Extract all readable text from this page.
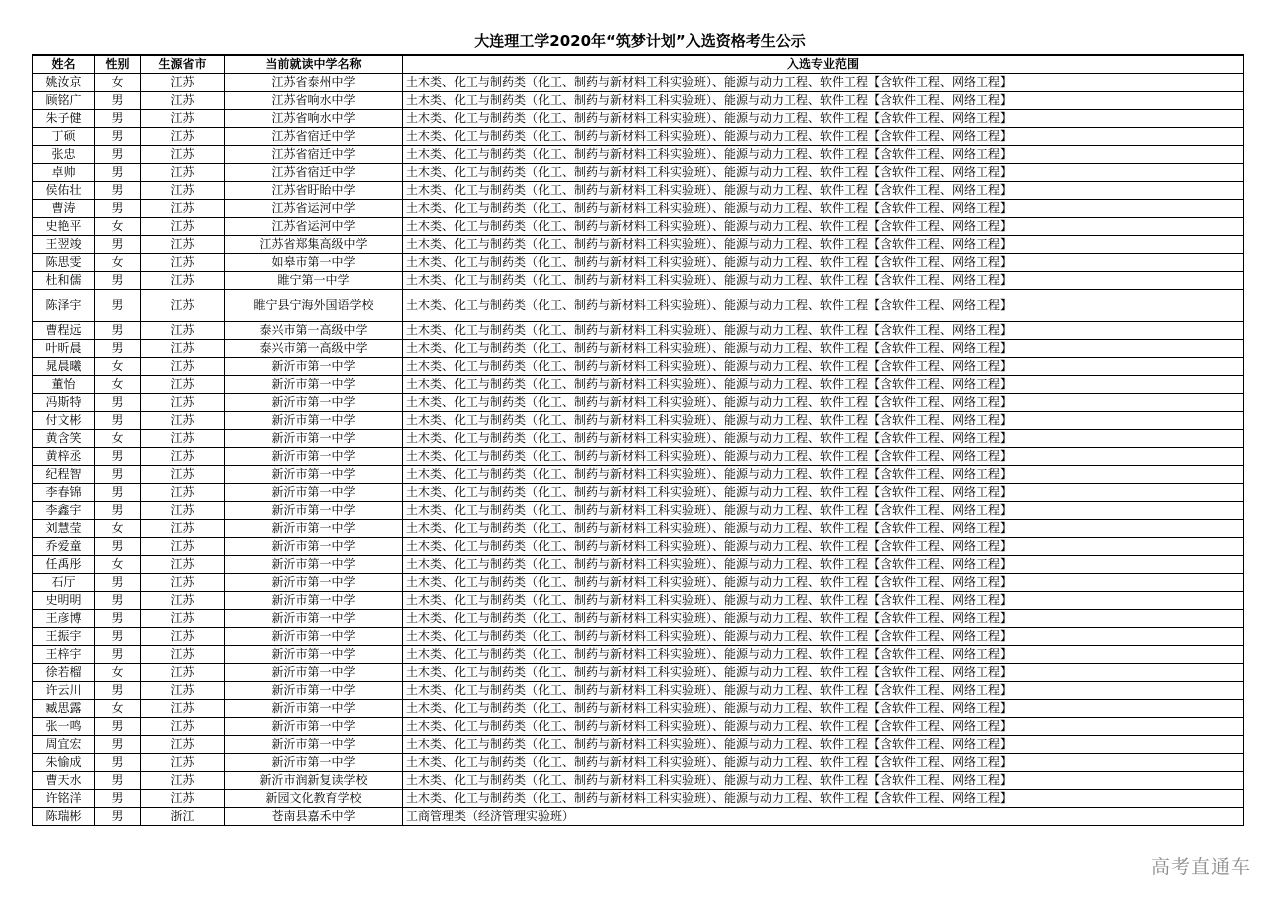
大连理工学2020年“筑梦计划”入选资格考生公示
姓名	性别	生源省市	当前就读中学名称	入选专业范围
姚汝京	女	江苏	江苏省泰州中学	土木类、化工与制药类（化工、制药与新材料工科实验班）、能源与动力工程、软件工程【含软件工程、网络工程】
顾铭广	男	江苏	江苏省响水中学	土木类、化工与制药类（化工、制药与新材料工科实验班）、能源与动力工程、软件工程【含软件工程、网络工程】
朱子健	男	江苏	江苏省响水中学	土木类、化工与制药类（化工、制药与新材料工科实验班）、能源与动力工程、软件工程【含软件工程、网络工程】
丁硕	男	江苏	江苏省宿迁中学	土木类、化工与制药类（化工、制药与新材料工科实验班）、能源与动力工程、软件工程【含软件工程、网络工程】
张忠	男	江苏	江苏省宿迁中学	土木类、化工与制药类（化工、制药与新材料工科实验班）、能源与动力工程、软件工程【含软件工程、网络工程】
卓帅	男	江苏	江苏省宿迁中学	土木类、化工与制药类（化工、制药与新材料工科实验班）、能源与动力工程、软件工程【含软件工程、网络工程】
侯佑壮	男	江苏	江苏省盱眙中学	土木类、化工与制药类（化工、制药与新材料工科实验班）、能源与动力工程、软件工程【含软件工程、网络工程】
曹涛	男	江苏	江苏省运河中学	土木类、化工与制药类（化工、制药与新材料工科实验班）、能源与动力工程、软件工程【含软件工程、网络工程】
史艳平	女	江苏	江苏省运河中学	土木类、化工与制药类（化工、制药与新材料工科实验班）、能源与动力工程、软件工程【含软件工程、网络工程】
王翌竣	男	江苏	江苏省郑集高级中学	土木类、化工与制药类（化工、制药与新材料工科实验班）、能源与动力工程、软件工程【含软件工程、网络工程】
陈思雯	女	江苏	如皋市第一中学	土木类、化工与制药类（化工、制药与新材料工科实验班）、能源与动力工程、软件工程【含软件工程、网络工程】
杜和儒	男	江苏	睢宁第一中学	土木类、化工与制药类（化工、制药与新材料工科实验班）、能源与动力工程、软件工程【含软件工程、网络工程】
陈泽宇	男	江苏	睢宁县宁海外国语学校	土木类、化工与制药类（化工、制药与新材料工科实验班）、能源与动力工程、软件工程【含软件工程、网络工程】
曹程远	男	江苏	泰兴市第一高级中学	土木类、化工与制药类（化工、制药与新材料工科实验班）、能源与动力工程、软件工程【含软件工程、网络工程】
叶昕晨	男	江苏	泰兴市第一高级中学	土木类、化工与制药类（化工、制药与新材料工科实验班）、能源与动力工程、软件工程【含软件工程、网络工程】
晁晨曦	女	江苏	新沂市第一中学	土木类、化工与制药类（化工、制药与新材料工科实验班）、能源与动力工程、软件工程【含软件工程、网络工程】
董怡	女	江苏	新沂市第一中学	土木类、化工与制药类（化工、制药与新材料工科实验班）、能源与动力工程、软件工程【含软件工程、网络工程】
冯斯特	男	江苏	新沂市第一中学	土木类、化工与制药类（化工、制药与新材料工科实验班）、能源与动力工程、软件工程【含软件工程、网络工程】
付文彬	男	江苏	新沂市第一中学	土木类、化工与制药类（化工、制药与新材料工科实验班）、能源与动力工程、软件工程【含软件工程、网络工程】
黄含笑	女	江苏	新沂市第一中学	土木类、化工与制药类（化工、制药与新材料工科实验班）、能源与动力工程、软件工程【含软件工程、网络工程】
黄梓丞	男	江苏	新沂市第一中学	土木类、化工与制药类（化工、制药与新材料工科实验班）、能源与动力工程、软件工程【含软件工程、网络工程】
纪程智	男	江苏	新沂市第一中学	土木类、化工与制药类（化工、制药与新材料工科实验班）、能源与动力工程、软件工程【含软件工程、网络工程】
李春锦	男	江苏	新沂市第一中学	土木类、化工与制药类（化工、制药与新材料工科实验班）、能源与动力工程、软件工程【含软件工程、网络工程】
李鑫宇	男	江苏	新沂市第一中学	土木类、化工与制药类（化工、制药与新材料工科实验班）、能源与动力工程、软件工程【含软件工程、网络工程】
刘慧莹	女	江苏	新沂市第一中学	土木类、化工与制药类（化工、制药与新材料工科实验班）、能源与动力工程、软件工程【含软件工程、网络工程】
乔爱童	男	江苏	新沂市第一中学	土木类、化工与制药类（化工、制药与新材料工科实验班）、能源与动力工程、软件工程【含软件工程、网络工程】
任禹彤	女	江苏	新沂市第一中学	土木类、化工与制药类（化工、制药与新材料工科实验班）、能源与动力工程、软件工程【含软件工程、网络工程】
石厅	男	江苏	新沂市第一中学	土木类、化工与制药类（化工、制药与新材料工科实验班）、能源与动力工程、软件工程【含软件工程、网络工程】
史明明	男	江苏	新沂市第一中学	土木类、化工与制药类（化工、制药与新材料工科实验班）、能源与动力工程、软件工程【含软件工程、网络工程】
王彦博	男	江苏	新沂市第一中学	土木类、化工与制药类（化工、制药与新材料工科实验班）、能源与动力工程、软件工程【含软件工程、网络工程】
王振宇	男	江苏	新沂市第一中学	土木类、化工与制药类（化工、制药与新材料工科实验班）、能源与动力工程、软件工程【含软件工程、网络工程】
王梓宇	男	江苏	新沂市第一中学	土木类、化工与制药类（化工、制药与新材料工科实验班）、能源与动力工程、软件工程【含软件工程、网络工程】
徐若榴	女	江苏	新沂市第一中学	土木类、化工与制药类（化工、制药与新材料工科实验班）、能源与动力工程、软件工程【含软件工程、网络工程】
许云川	男	江苏	新沂市第一中学	土木类、化工与制药类（化工、制药与新材料工科实验班）、能源与动力工程、软件工程【含软件工程、网络工程】
臧思露	女	江苏	新沂市第一中学	土木类、化工与制药类（化工、制药与新材料工科实验班）、能源与动力工程、软件工程【含软件工程、网络工程】
张一鸣	男	江苏	新沂市第一中学	土木类、化工与制药类（化工、制药与新材料工科实验班）、能源与动力工程、软件工程【含软件工程、网络工程】
周宜宏	男	江苏	新沂市第一中学	土木类、化工与制药类（化工、制药与新材料工科实验班）、能源与动力工程、软件工程【含软件工程、网络工程】
朱愉成	男	江苏	新沂市第一中学	土木类、化工与制药类（化工、制药与新材料工科实验班）、能源与动力工程、软件工程【含软件工程、网络工程】
曹天水	男	江苏	新沂市润新复读学校	土木类、化工与制药类（化工、制药与新材料工科实验班）、能源与动力工程、软件工程【含软件工程、网络工程】
许铭洋	男	江苏	新园文化教育学校	土木类、化工与制药类（化工、制药与新材料工科实验班）、能源与动力工程、软件工程【含软件工程、网络工程】
陈瑞彬	男	浙江	苍南县嘉禾中学	工商管理类（经济管理实验班）
高考直通车
